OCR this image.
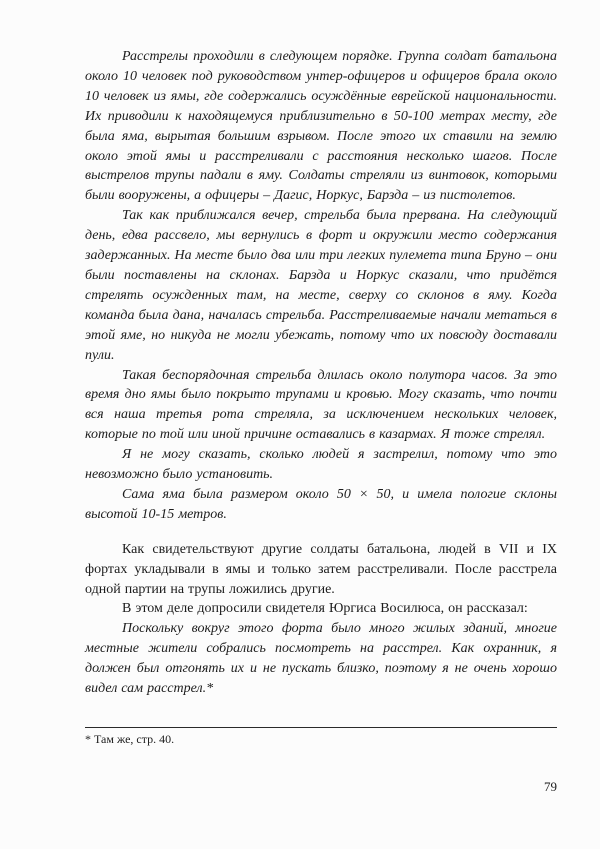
Расстрелы проходили в следующем порядке. Группа солдат батальона около 10 человек под руководством унтер-офицеров и офицеров брала около 10 человек из ямы, где содержались осуждённые еврейской национальности. Их приводили к находящемуся приблизительно в 50-100 метрах месту, где была яма, вырытая большим взрывом. После этого их ставили на землю около этой ямы и расстреливали с расстояния несколько шагов. После выстрелов трупы падали в яму. Солдаты стреляли из винтовок, которыми были вооружены, а офицеры – Дагис, Норкус, Барзда – из пистолетов.

Так как приближался вечер, стрельба была прервана. На следующий день, едва рассвело, мы вернулись в форт и окружили место содержания задержанных. На месте было два или три легких пулемета типа Бруно – они были поставлены на склонах. Барзда и Норкус сказали, что придётся стрелять осужденных там, на месте, сверху со склонов в яму. Когда команда была дана, началась стрельба. Расстреливаемые начали метаться в этой яме, но никуда не могли убежать, потому что их повсюду доставали пули.

Такая беспорядочная стрельба длилась около полутора часов. За это время дно ямы было покрыто трупами и кровью. Могу сказать, что почти вся наша третья рота стреляла, за исключением нескольких человек, которые по той или иной причине оставались в казармах. Я тоже стрелял.

Я не могу сказать, сколько людей я застрелил, потому что это невозможно было установить.

Сама яма была размером около 50 × 50, и имела пологие склоны высотой 10-15 метров.

Как свидетельствуют другие солдаты батальона, людей в VII и IX фортах укладывали в ямы и только затем расстреливали. После расстрела одной партии на трупы ложились другие.

В этом деле допросили свидетеля Юргиса Восилюса, он рассказал:

Поскольку вокруг этого форта было много жилых зданий, многие местные жители собрались посмотреть на расстрел. Как охранник, я должен был отгонять их и не пускать близко, поэтому я не очень хорошо видел сам расстрел.*

* Там же, стр. 40.
79
